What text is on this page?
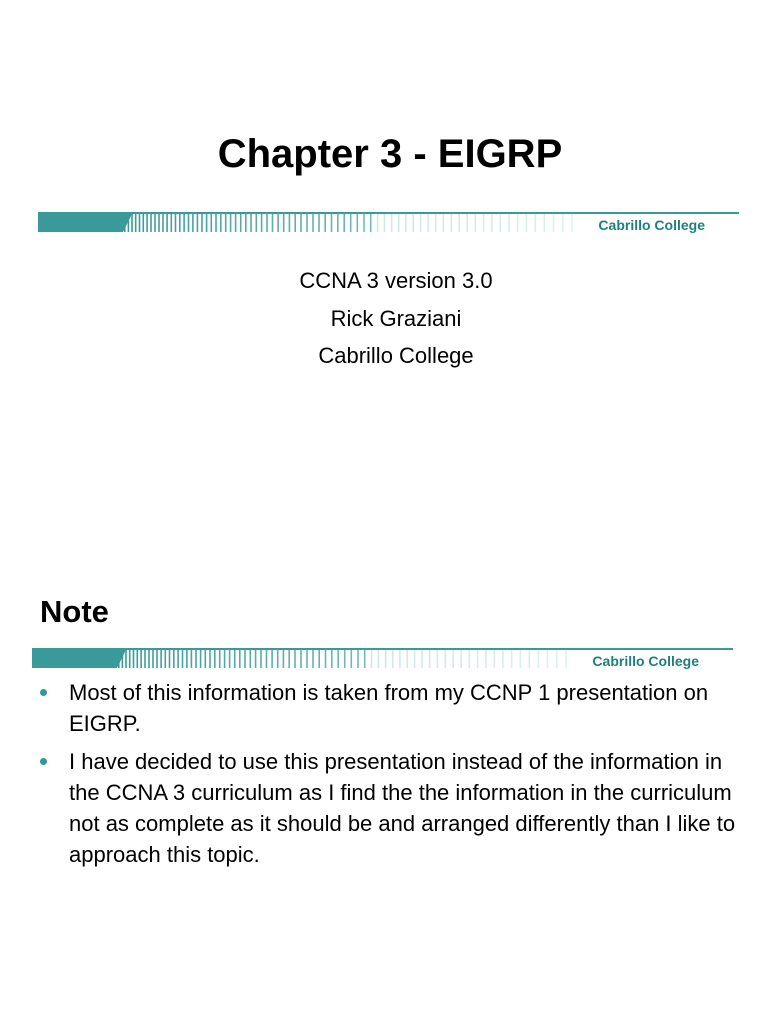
Chapter 3 - EIGRP
Cabrillo College
CCNA 3 version 3.0
Rick Graziani
Cabrillo College
Note
Cabrillo College
Most of this information is taken from my CCNP 1 presentation on EIGRP.
I have decided to use this presentation instead of the information in the CCNA 3 curriculum as I find the the information in the curriculum not as complete as it should be and arranged differently than I like to approach this topic.
